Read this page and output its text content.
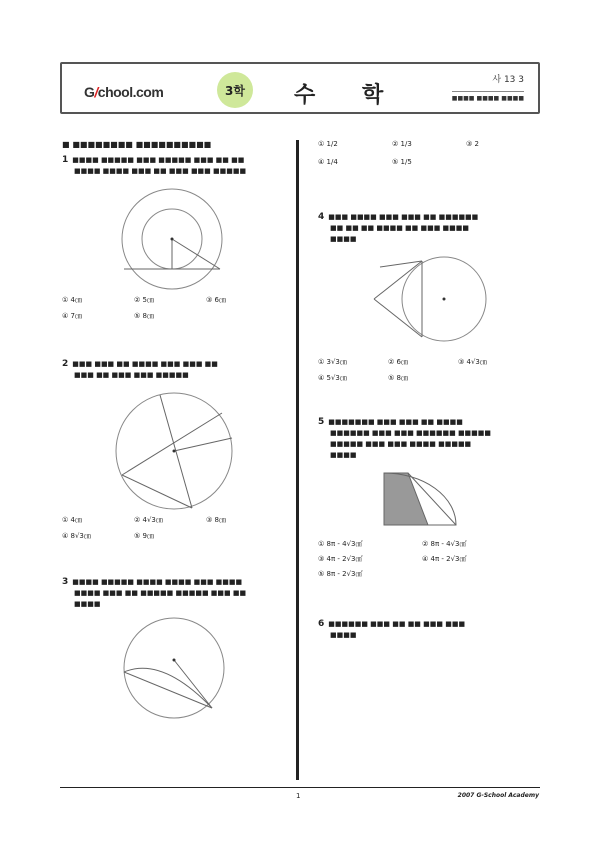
G/chool.com	3학	수 학
사 13 3
■■■■ ■■■■ ■■■■
■ ■■■■■■■■ ■■■■■■■■■■
1 ■■■■ ■■■■■ ■■■ ■■■■■ ■■■ ■■ ■■
■■■■ ■■■■ ■■■ ■■ ■■■ ■■■ ■■■■■
① 4㎝	② 5㎝	③ 6㎝
④ 7㎝	⑤ 8㎝
2 ■■■ ■■■ ■■ ■■■■ ■■■ ■■■ ■■
■■■ ■■ ■■■ ■■■ ■■■■■
① 4㎝	② 4√3㎝	③ 8㎝
④ 8√3㎝	⑤ 9㎝
3 ■■■■ ■■■■■ ■■■■ ■■■■ ■■■ ■■■■
■■■■ ■■■ ■■ ■■■■■ ■■■■■ ■■■ ■■
■■■■
① 1/2	② 1/3	③ 2
④ 1/4	⑤ 1/5
4 ■■■ ■■■■ ■■■ ■■■ ■■ ■■■■■■
■■ ■■ ■■ ■■■■ ■■ ■■■ ■■■■
■■■■
① 3√3㎝	② 6㎝	③ 4√3㎝
④ 5√3㎝	⑤ 8㎝
5 ■■■■■■■ ■■■ ■■■ ■■ ■■■■
■■■■■■ ■■■ ■■■ ■■■■■■ ■■■■■
■■■■■ ■■■ ■■■ ■■■■ ■■■■■
■■■■
① 8π - 4√3㎠	② 8π - 4√3㎠
③ 4π - 2√3㎠	④ 4π - 2√3㎠
⑤ 8π - 2√3㎠
6 ■■■■■■ ■■■ ■■ ■■ ■■■ ■■■
■■■■
1	2007 G-School Academy
